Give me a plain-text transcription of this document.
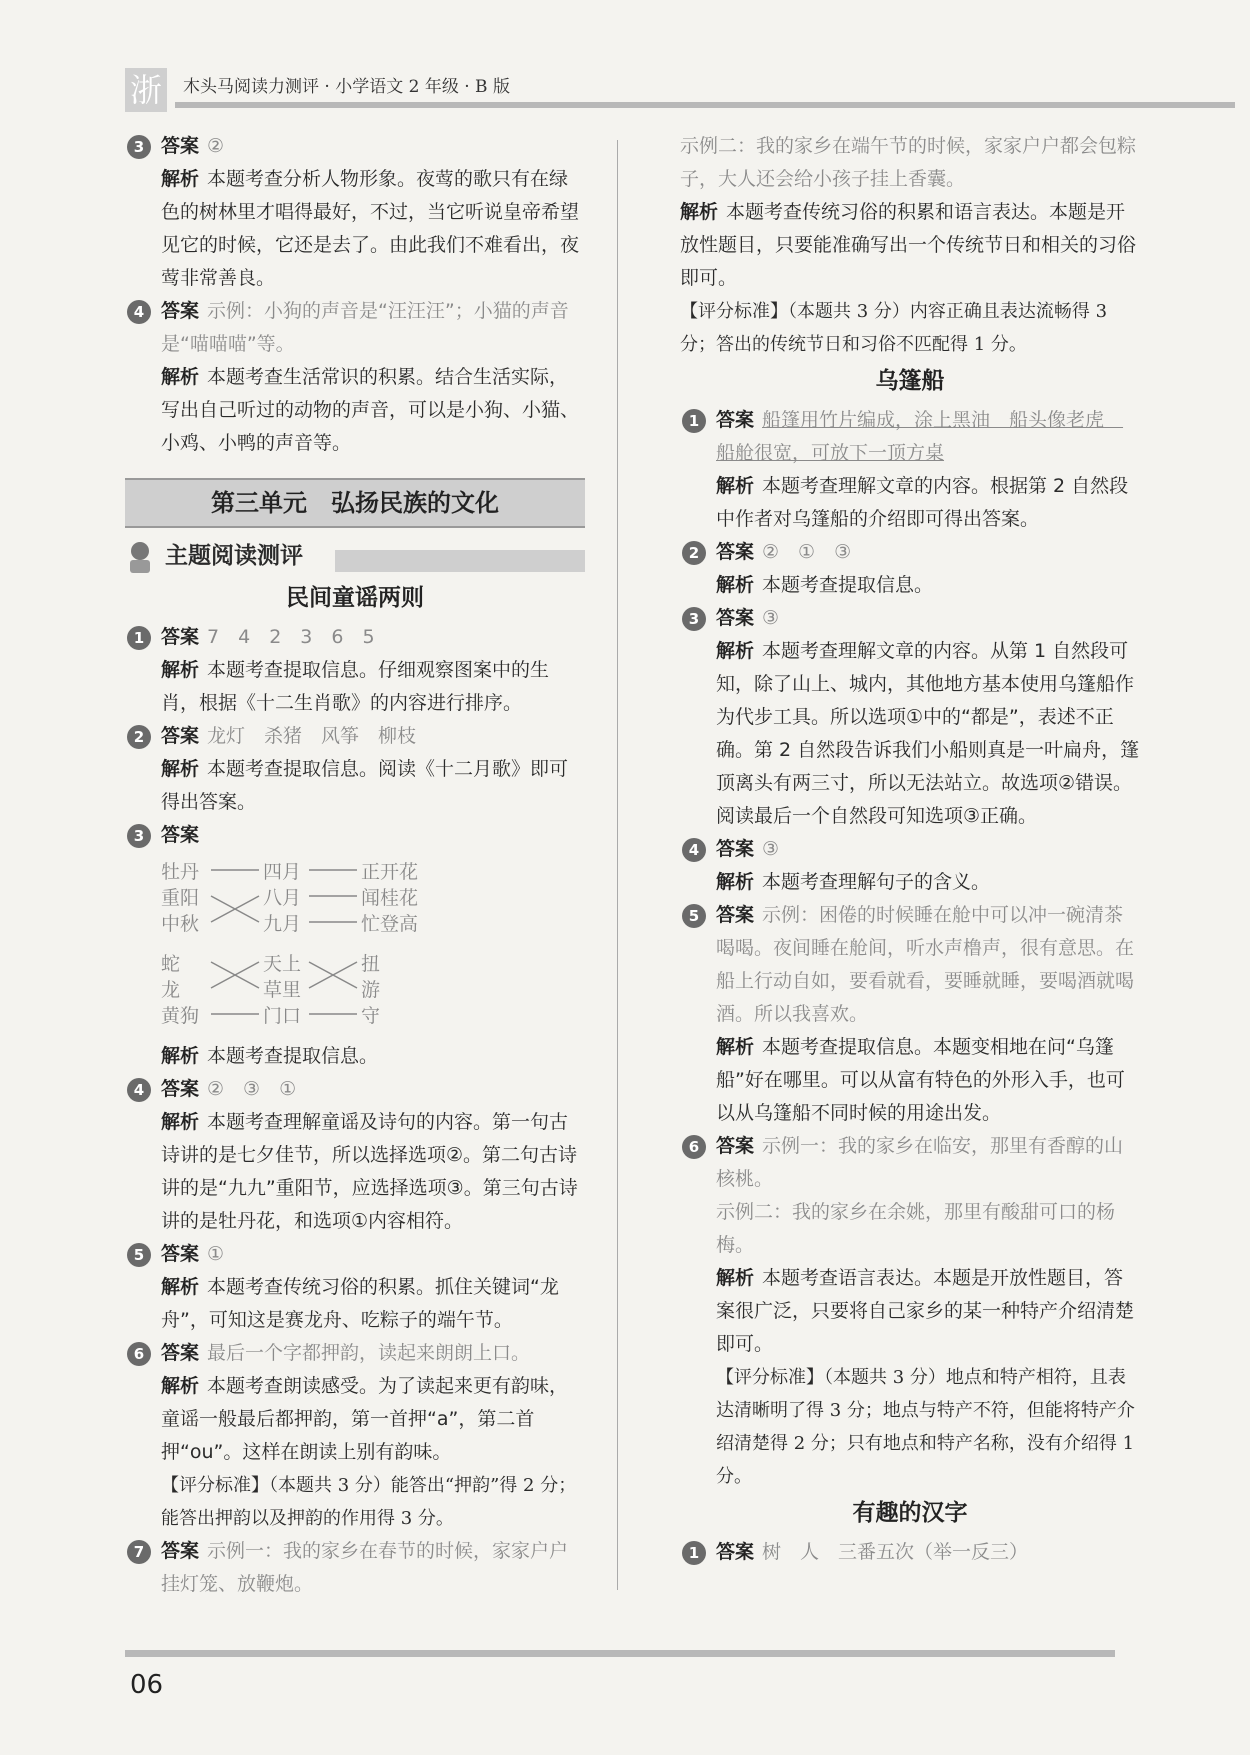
浙 木头马阅读力测评 · 小学语文 2 年级 · B 版
3 答案 ②
解析 本题考查分析人物形象。夜莺的歌只有在绿色的树林里才唱得最好，不过，当它听说皇帝希望见它的时候，它还是去了。由此我们不难看出，夜莺非常善良。
4 答案 示例：小狗的声音是“汪汪汪”；小猫的声音是“喵喵喵”等。
解析 本题考查生活常识的积累。结合生活实际，写出自己听过的动物的声音，可以是小狗、小猫、小鸡、小鸭的声音等。
第三单元　弘扬民族的文化
主题阅读测评
民间童谣两则
1 答案 7　4　2　3　6　5
解析 本题考查提取信息。仔细观察图案中的生肖，根据《十二生肖歌》的内容进行排序。
2 答案 龙灯　杀猪　风筝　柳枝
解析 本题考查提取信息。阅读《十二月歌》即可得出答案。
3 答案
牡丹
重阳
中秋
四月
八月
九月
正开花
闻桂花
忙登高
蛇
龙
黄狗
天上
草里
门口
扭
游
守
解析 本题考查提取信息。
4 答案 ②　③　①
解析 本题考查理解童谣及诗句的内容。第一句古诗讲的是七夕佳节，所以选择选项②。第二句古诗讲的是“九九”重阳节，应选择选项③。第三句古诗讲的是牡丹花，和选项①内容相符。
5 答案 ①
解析 本题考查传统习俗的积累。抓住关键词“龙舟”，可知这是赛龙舟、吃粽子的端午节。
6 答案 最后一个字都押韵，读起来朗朗上口。
解析 本题考查朗读感受。为了读起来更有韵味，童谣一般最后都押韵，第一首押“a”，第二首押“ou”。这样在朗读上别有韵味。
【评分标准】（本题共 3 分）能答出“押韵”得 2 分；能答出押韵以及押韵的作用得 3 分。
7 答案 示例一：我的家乡在春节的时候，家家户户挂灯笼、放鞭炮。
示例二：我的家乡在端午节的时候，家家户户都会包粽子，大人还会给小孩子挂上香囊。
解析 本题考查传统习俗的积累和语言表达。本题是开放性题目，只要能准确写出一个传统节日和相关的习俗即可。
【评分标准】（本题共 3 分）内容正确且表达流畅得 3 分；答出的传统节日和习俗不匹配得 1 分。
乌篷船
1 答案 船篷用竹片编成，涂上黑油　船头像老虎　船舱很宽，可放下一顶方桌
解析 本题考查理解文章的内容。根据第 2 自然段中作者对乌篷船的介绍即可得出答案。
2 答案 ②　①　③
解析 本题考查提取信息。
3 答案 ③
解析 本题考查理解文章的内容。从第 1 自然段可知，除了山上、城内，其他地方基本使用乌篷船作为代步工具。所以选项①中的“都是”，表述不正确。第 2 自然段告诉我们小船则真是一叶扁舟，篷顶离头有两三寸，所以无法站立。故选项②错误。阅读最后一个自然段可知选项③正确。
4 答案 ③
解析 本题考查理解句子的含义。
5 答案 示例：困倦的时候睡在舱中可以冲一碗清茶喝喝。夜间睡在舱间，听水声橹声，很有意思。在船上行动自如，要看就看，要睡就睡，要喝酒就喝酒。所以我喜欢。
解析 本题考查提取信息。本题变相地在问“乌篷船”好在哪里。可以从富有特色的外形入手，也可以从乌篷船不同时候的用途出发。
6 答案 示例一：我的家乡在临安，那里有香醇的山核桃。
示例二：我的家乡在余姚，那里有酸甜可口的杨梅。
解析 本题考查语言表达。本题是开放性题目，答案很广泛，只要将自己家乡的某一种特产介绍清楚即可。
【评分标准】（本题共 3 分）地点和特产相符，且表达清晰明了得 3 分；地点与特产不符，但能将特产介绍清楚得 2 分；只有地点和特产名称，没有介绍得 1 分。
有趣的汉字
1 答案 树　人　三番五次（举一反三）
06
